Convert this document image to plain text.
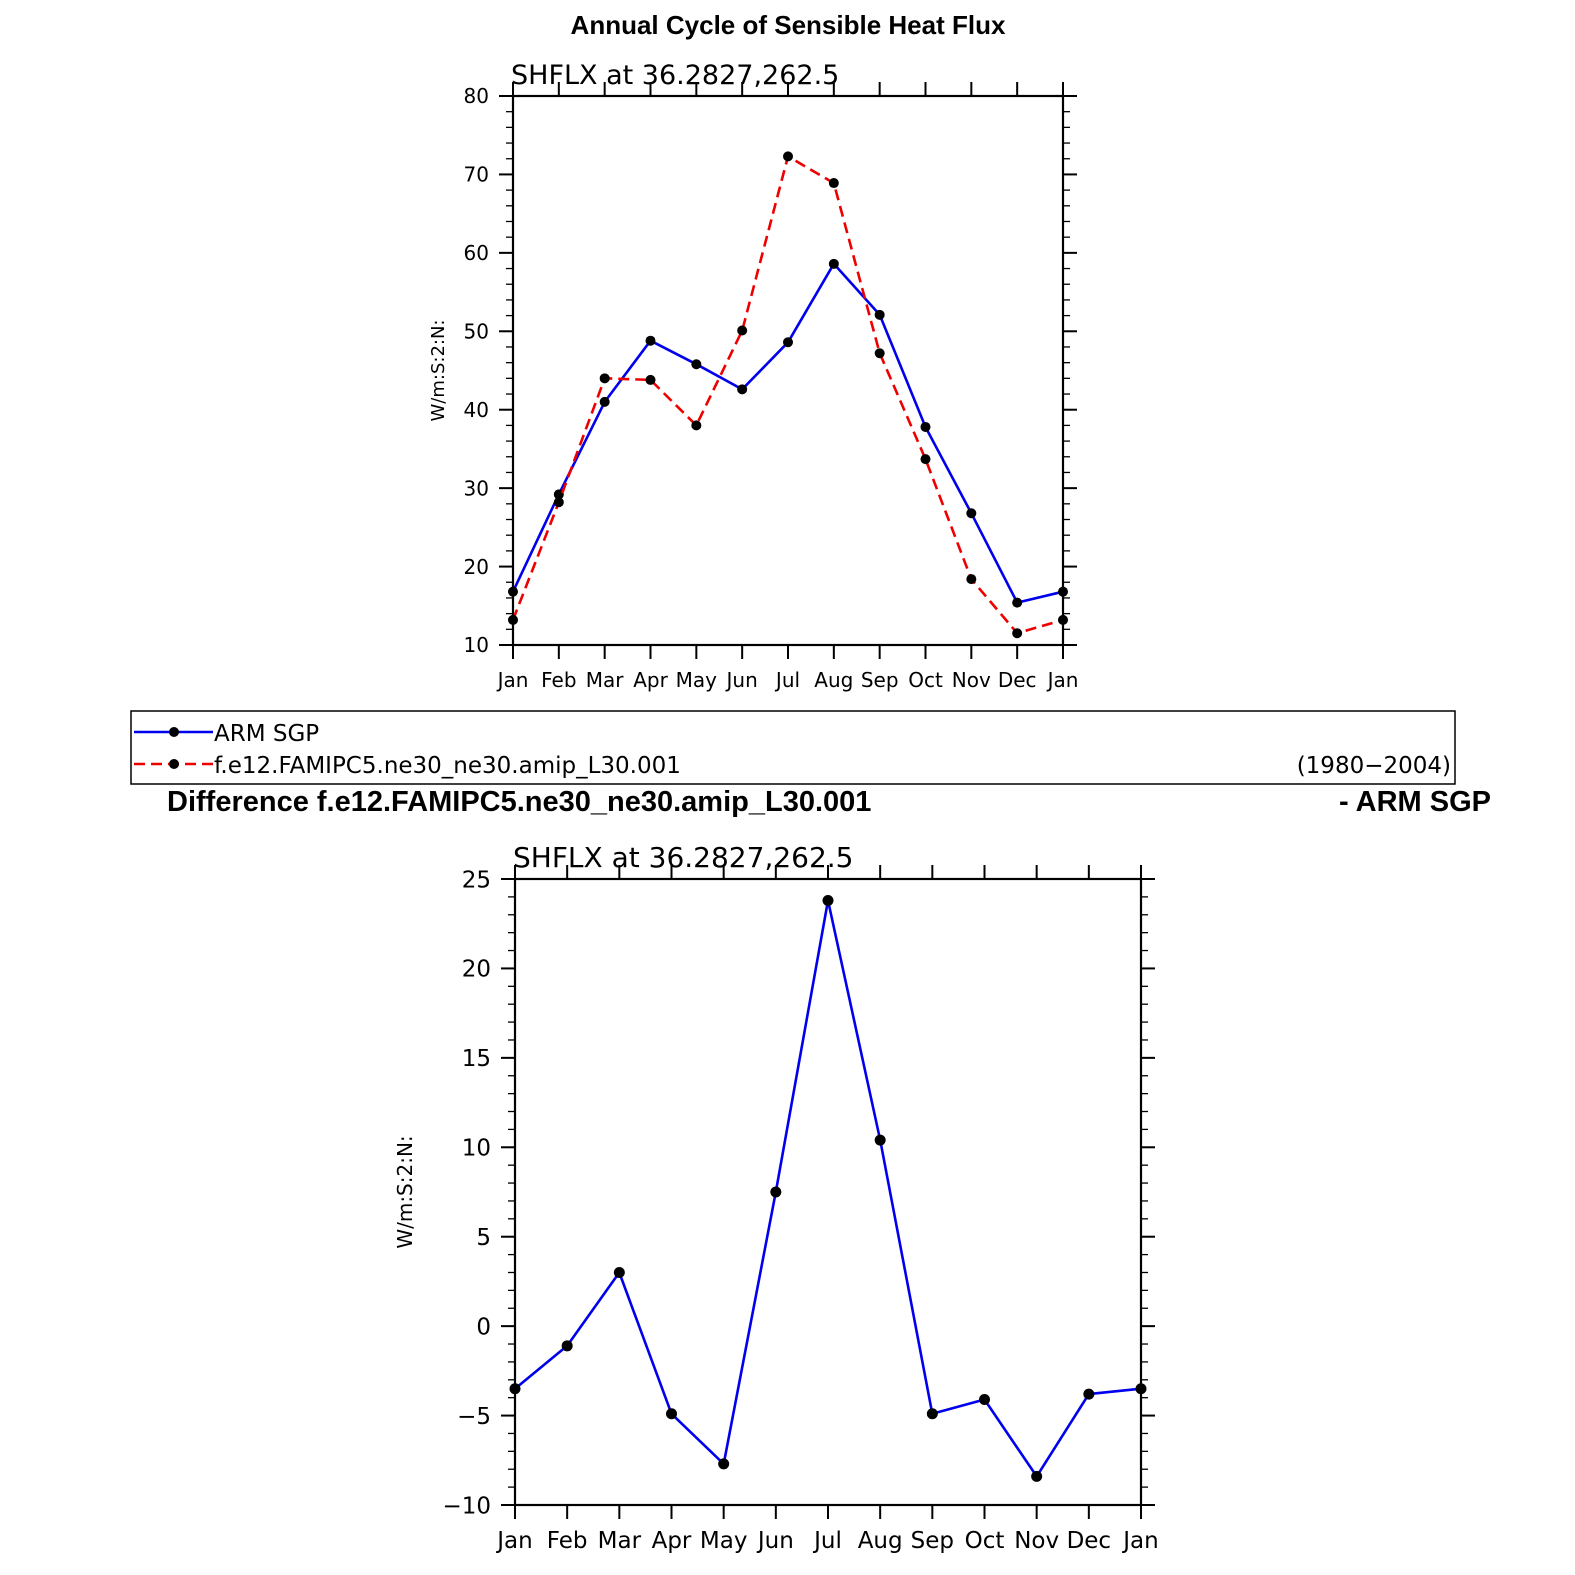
Annual Cycle of Sensible Heat Flux
SHFLX at 36.2827,262.5
Jan Feb Mar Apr May Jun Jul Aug Sep Oct Nov Dec Jan
10
20
30
40
50
60
70
80
W/m:S:2:N:
ARM SGP
f.e12.FAMIPC5.ne30_ne30.amip_L30.001	(1980−2004)
Difference f.e12.FAMIPC5.ne30_ne30.amip_L30.001	- ARM SGP
SHFLX at 36.2827,262.5
Jan Feb Mar Apr May Jun Jul Aug Sep Oct Nov Dec Jan
−10
−5
0
5
10
15
20
25
W/m:S:2:N:
